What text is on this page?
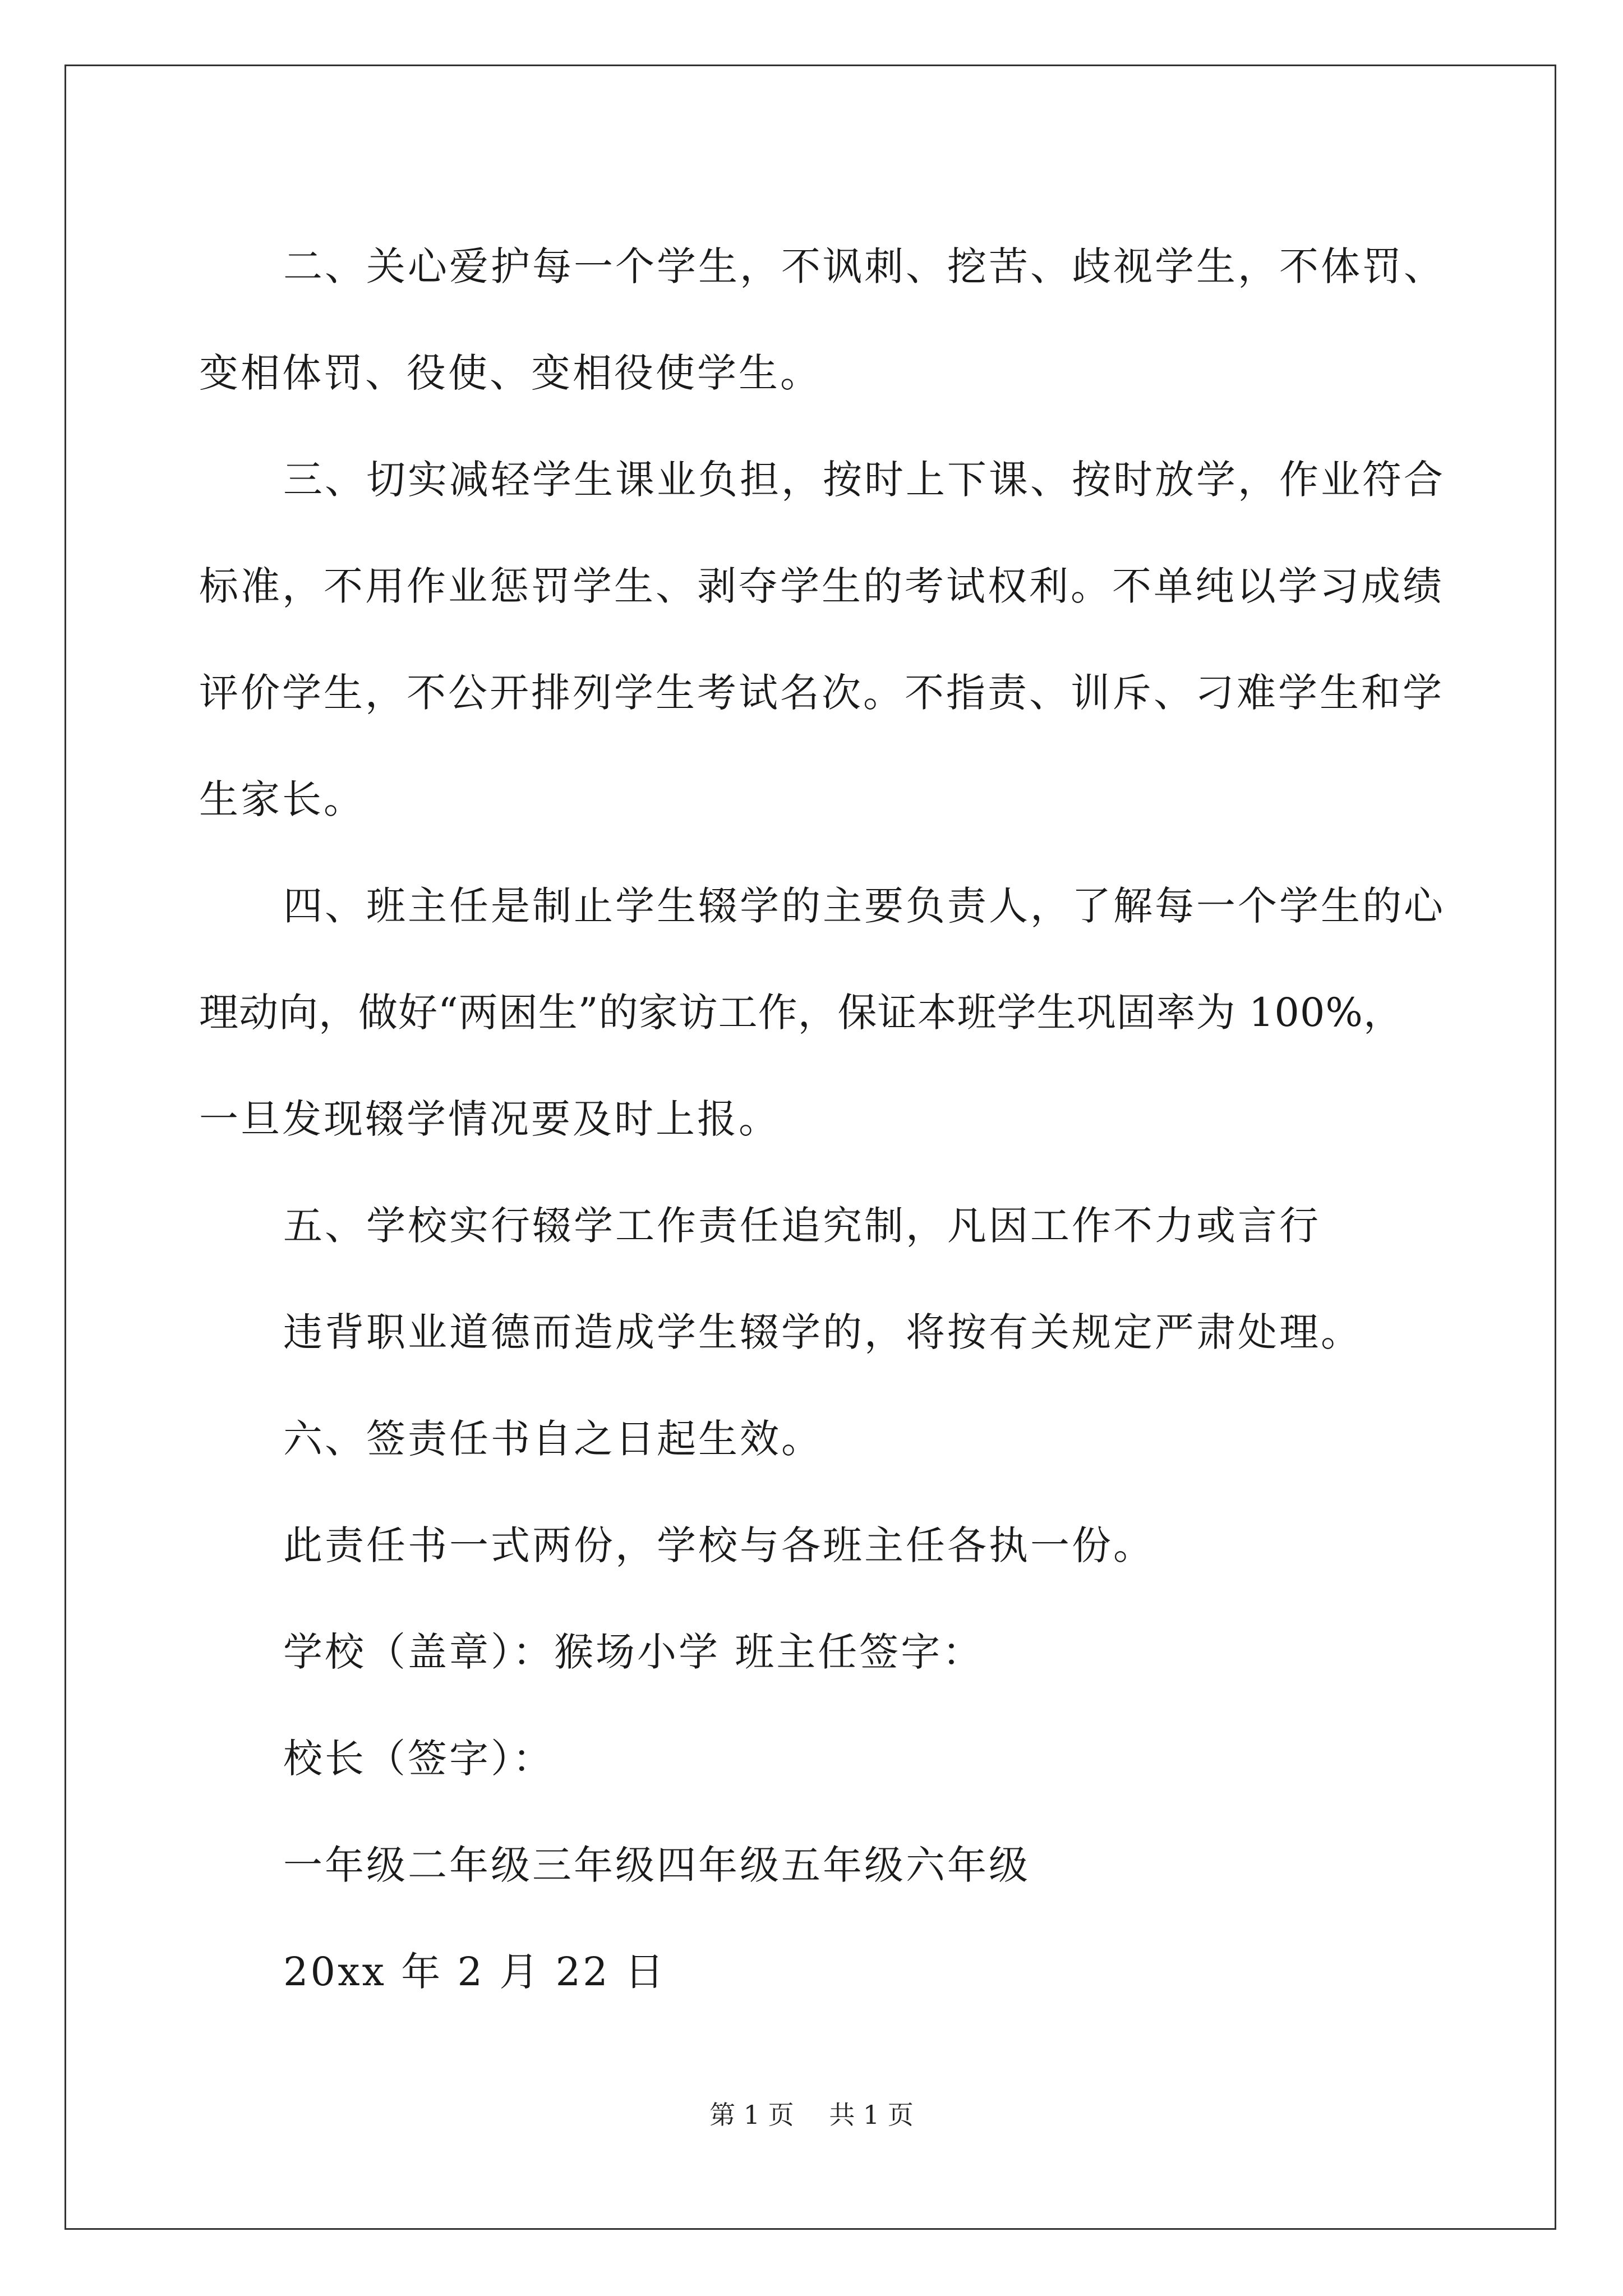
二、关心爱护每一个学生，不讽刺、挖苦、歧视学生，不体罚、
变相体罚、役使、变相役使学生。
三、切实减轻学生课业负担，按时上下课、按时放学，作业符合
标准，不用作业惩罚学生、剥夺学生的考试权利。不单纯以学习成绩
评价学生，不公开排列学生考试名次。不指责、训斥、刁难学生和学
生家长。
四、班主任是制止学生辍学的主要负责人，了解每一个学生的心
理动向，做好“两困生”的家访工作，保证本班学生巩固率为 100%，
一旦发现辍学情况要及时上报。
五、学校实行辍学工作责任追究制，凡因工作不力或言行
违背职业道德而造成学生辍学的，将按有关规定严肃处理。
六、签责任书自之日起生效。
此责任书一式两份，学校与各班主任各执一份。
学校（盖章）：猴场小学 班主任签字：
校长（签字）：
一年级二年级三年级四年级五年级六年级
20xx 年 2 月 22 日
第 1 页 共 1 页
